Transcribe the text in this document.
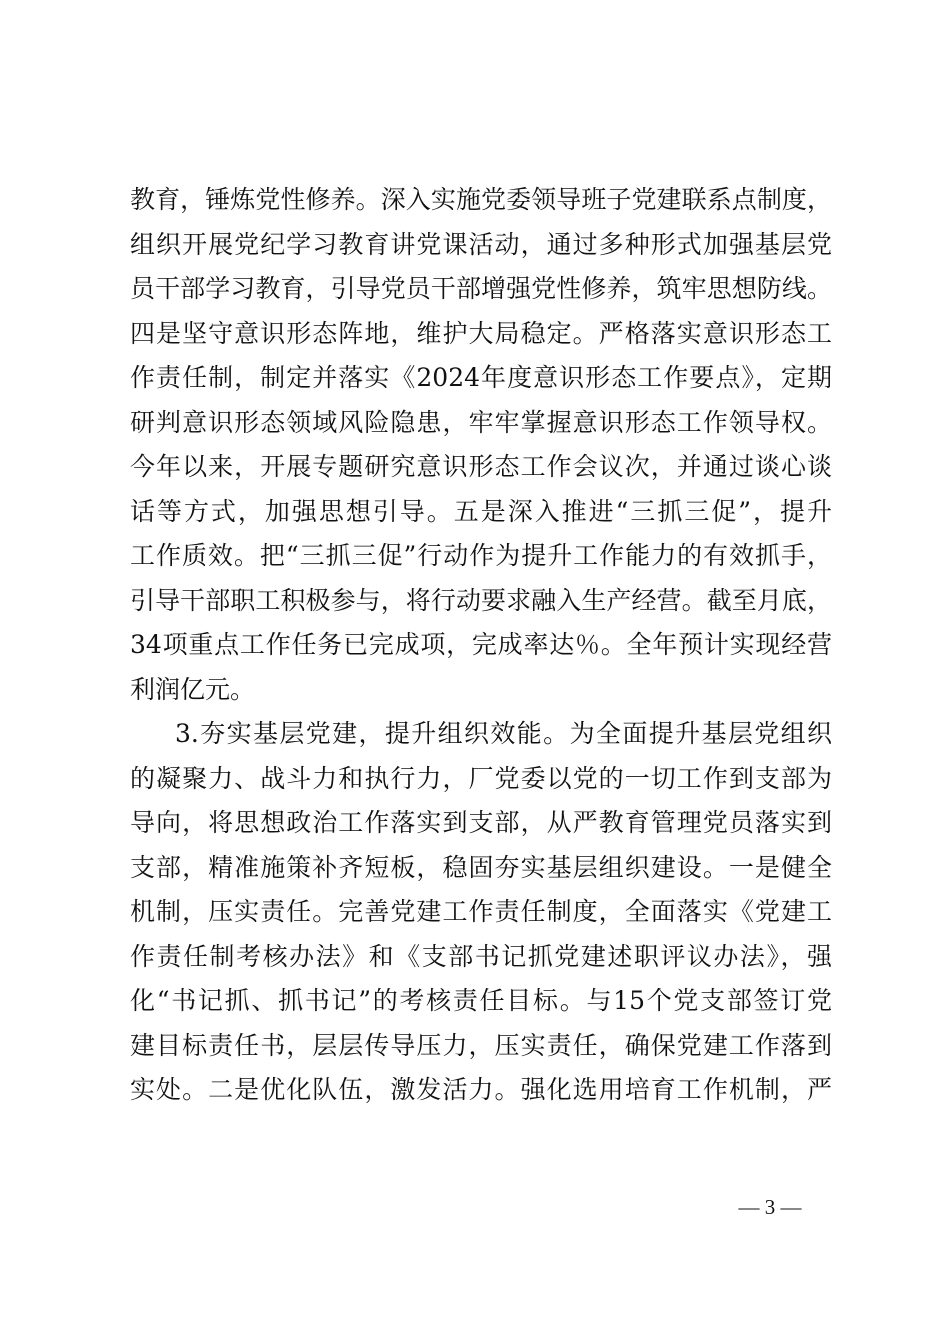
教育，锤炼党性修养。深入实施党委领导班子党建联系点制度，
组织开展党纪学习教育讲党课活动，通过多种形式加强基层党
员干部学习教育，引导党员干部增强党性修养，筑牢思想防线。
四是坚守意识形态阵地，维护大局稳定。严格落实意识形态工
作责任制，制定并落实《2024年度意识形态工作要点》，定期
研判意识形态领域风险隐患，牢牢掌握意识形态工作领导权。
今年以来，开展专题研究意识形态工作会议次，并通过谈心谈
话等方式，加强思想引导。五是深入推进“三抓三促”，提升
工作质效。把“三抓三促”行动作为提升工作能力的有效抓手，
引导干部职工积极参与，将行动要求融入生产经营。截至月底，
34项重点工作任务已完成项，完成率达％。全年预计实现经营
利润亿元。
3.夯实基层党建，提升组织效能。为全面提升基层党组织
的凝聚力、战斗力和执行力，厂党委以党的一切工作到支部为
导向，将思想政治工作落实到支部，从严教育管理党员落实到
支部，精准施策补齐短板，稳固夯实基层组织建设。一是健全
机制，压实责任。完善党建工作责任制度，全面落实《党建工
作责任制考核办法》和《支部书记抓党建述职评议办法》，强
化“书记抓、抓书记”的考核责任目标。与15个党支部签订党
建目标责任书，层层传导压力，压实责任，确保党建工作落到
实处。二是优化队伍，激发活力。强化选用培育工作机制，严
— 3 —
